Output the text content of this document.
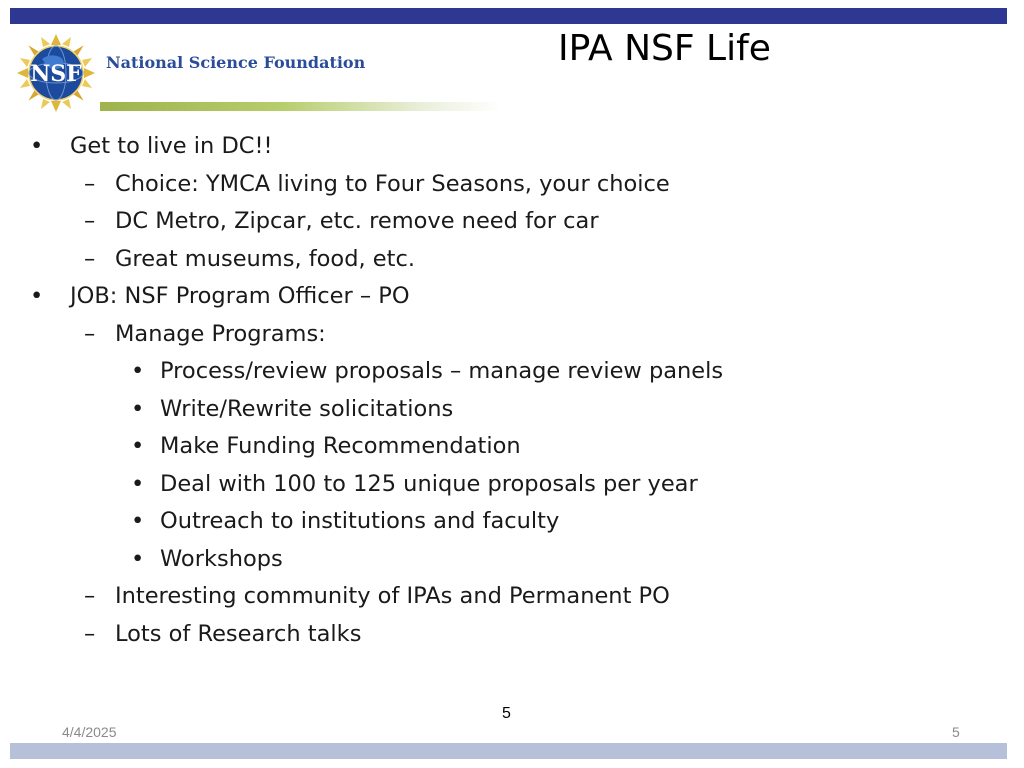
NSF National Science Foundation	IPA NSF Life
• Get to live in DC!!
– Choice: YMCA living to Four Seasons, your choice
– DC Metro, Zipcar, etc. remove need for car
– Great museums, food, etc.
• JOB: NSF Program Officer – PO
– Manage Programs:
• Process/review proposals – manage review panels
• Write/Rewrite solicitations
• Make Funding Recommendation
• Deal with 100 to 125 unique proposals per year
• Outreach to institutions and faculty
• Workshops
– Interesting community of IPAs and Permanent PO
– Lots of Research talks
5
4/4/2025	5
